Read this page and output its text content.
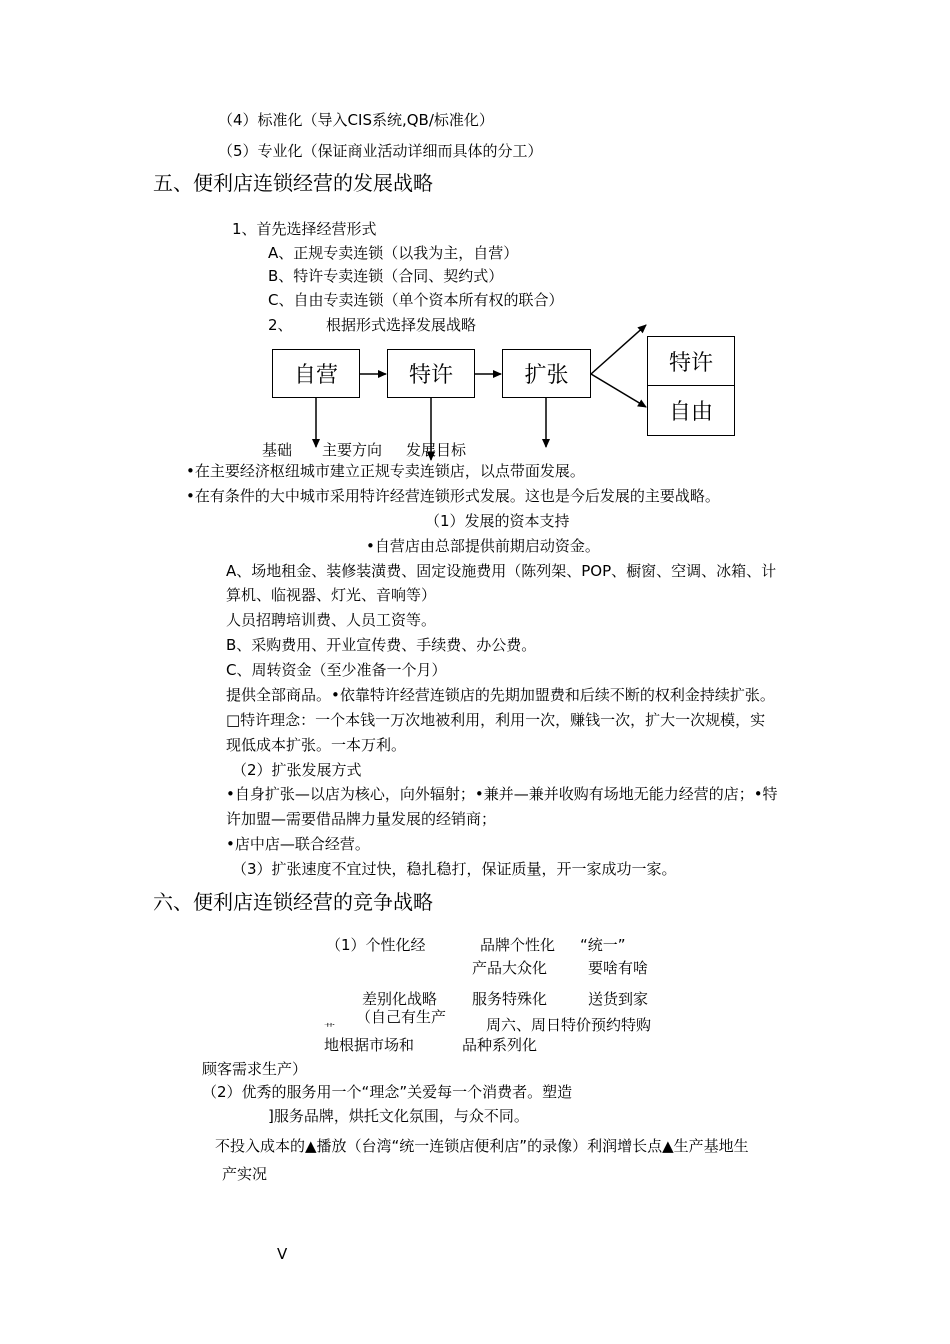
（4）标准化（导入CIS系统,QB/标准化）
（5）专业化（保证商业活动详细而具体的分工）
五、便利店连锁经营的发展战略
1、首先选择经营形式
A、正规专卖连锁（以我为主，自营）
B、特许专卖连锁（合同、契约式）
C、自由专卖连锁（单个资本所有权的联合）
2、 根据形式选择发展战略
自营	特许	扩张	特许
自由
基础 主要方向 发展目标
•在主要经济枢纽城市建立正规专卖连锁店，以点带面发展。
•在有条件的大中城市采用特许经营连锁形式发展。这也是今后发展的主要战略。
（1）发展的资本支持
•自营店由总部提供前期启动资金。
A、场地租金、装修装潢费、固定设施费用（陈列架、POP、橱窗、空调、冰箱、计
算机、临视器、灯光、音响等）
人员招聘培训费、人员工资等。
B、采购费用、开业宣传费、手续费、办公费。
C、周转资金（至少准备一个月）
提供全部商品。•依靠特许经营连锁店的先期加盟费和后续不断的权利金持续扩张。
□特许理念：一个本钱一万次地被利用，利用一次，赚钱一次，扩大一次规模，实
现低成本扩张。一本万利。
（2）扩张发展方式
•自身扩张—以店为核心，向外辐射；•兼并—兼并收购有场地无能力经营的店；•特
许加盟—需要借品牌力量发展的经销商；
•店中店—联合经营。
（3）扩张速度不宜过快，稳扎稳打，保证质量，开一家成功一家。
六、便利店连锁经营的竞争战略
（1）个性化经	品牌个性化 “统一”
产品大众化	要啥有啥
差别化战略 服务特殊化	送货到家
（自己有生产	周六、周日特价预约特购
艹
地根据市场和	品种系列化
顾客需求生产）
（2）优秀的服务用一个“理念”关爱每一个消费者。塑造
]服务品牌，烘托文化氛围，与众不同。
不投入成本的▲播放（台湾“统一连锁店便利店”的录像）利润增长点▲生产基地生
产实况
V
